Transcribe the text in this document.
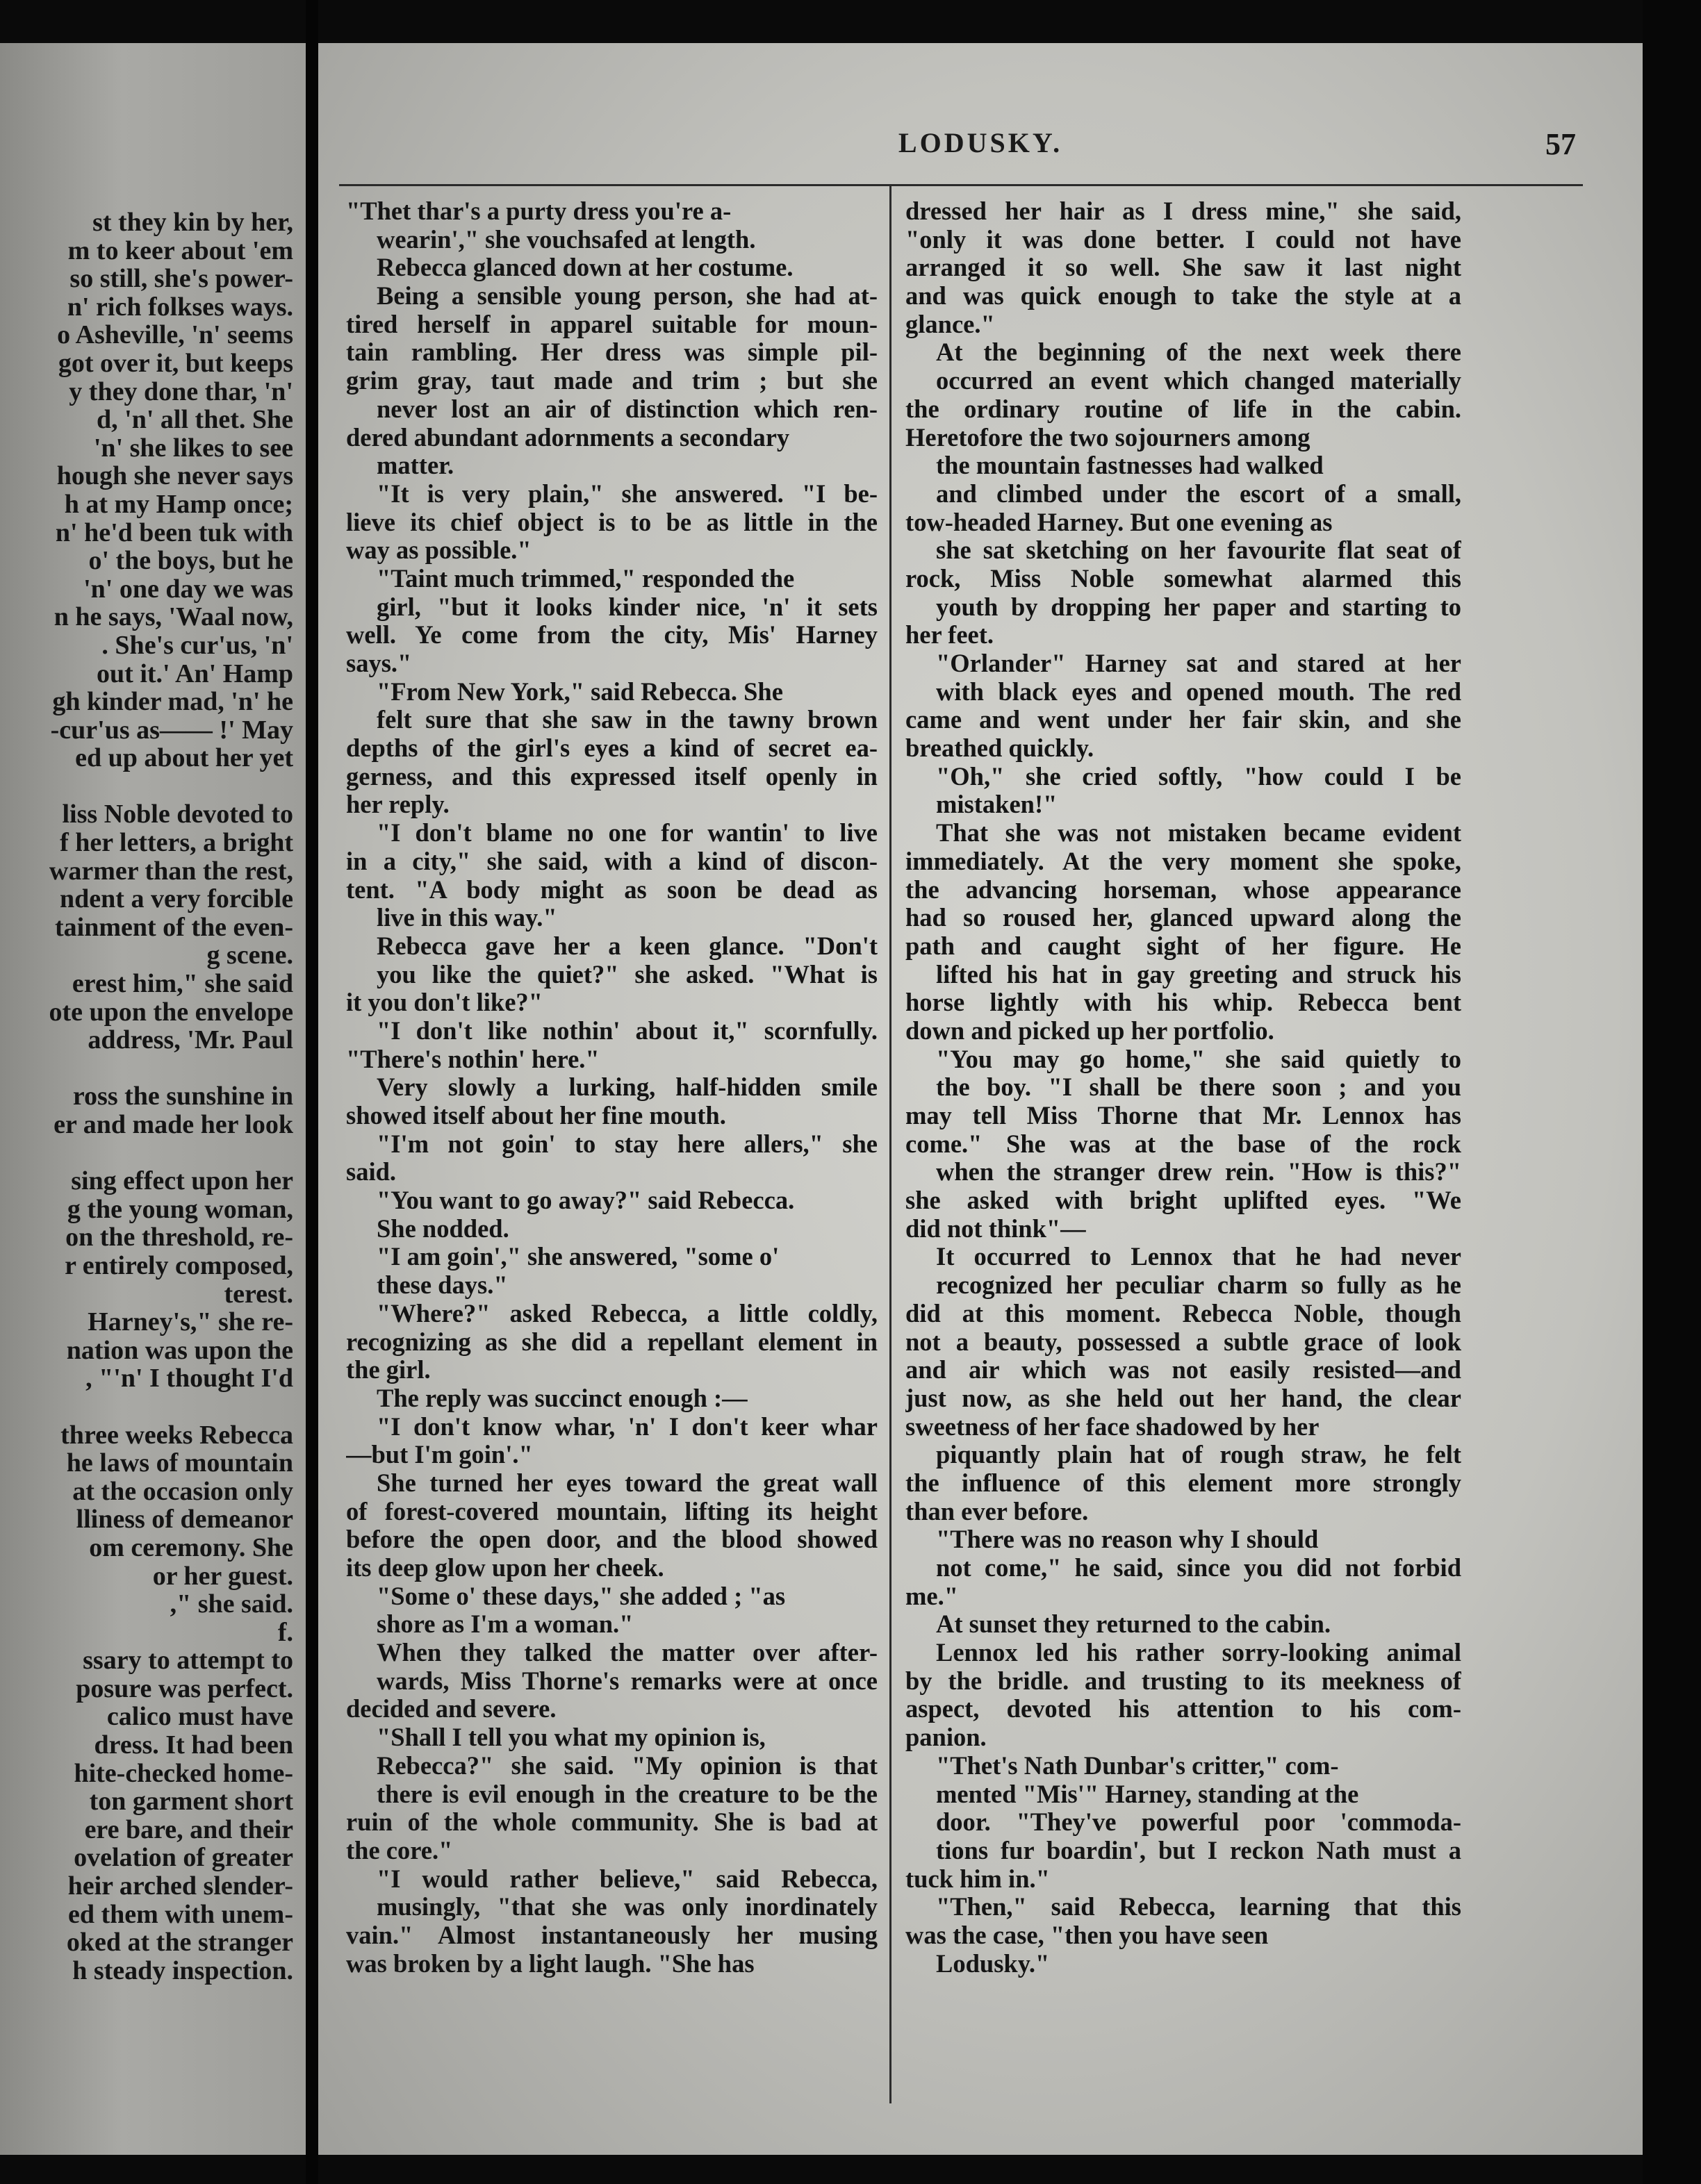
st they kin by her,
m to keer about 'em
so still, she's power-
n' rich folkses ways.
o Asheville, 'n' seems
got over it, but keeps
y they done thar, 'n'
d, 'n' all thet. She
'n' she likes to see
hough she never says
h at my Hamp once;
n' he'd been tuk with
o' the boys, but he
'n' one day we was
n he says, 'Waal now,
. She's cur'us, 'n'
out it.' An' Hamp
gh kinder mad, 'n' he
-cur'us as—— !' May
ed up about her yet

liss Noble devoted to
f her letters, a bright
warmer than the rest,
ndent a very forcible
tainment of the even-
g scene.
erest him," she said
ote upon the envelope
address, 'Mr. Paul

ross the sunshine in
er and made her look

sing effect upon her
g the young woman,
on the threshold, re-
r entirely composed,
terest.
Harney's," she re-
nation was upon the
, "'n' I thought I'd

three weeks Rebecca
he laws of mountain
at the occasion only
lliness of demeanor
om ceremony. She
or her guest.
," she said.
f.
ssary to attempt to
posure was perfect.
calico must have
dress. It had been
hite-checked home-
ton garment short
ere bare, and their
ovelation of greater
heir arched slender-
ed them with unem-
oked at the stranger
h steady inspection.
LODUSKY.	57
"Thet thar's a purty dress you're a-
wearin'," she vouchsafed at length.
Rebecca glanced down at her costume.
Being a sensible young person, she had at-
tired herself in apparel suitable for moun-
tain rambling. Her dress was simple pil-
grim gray, taut made and trim ; but she
never lost an air of distinction which ren-
dered abundant adornments a secondary
matter.
"It is very plain," she answered. "I be-
lieve its chief object is to be as little in the
way as possible."
"Taint much trimmed," responded the
girl, "but it looks kinder nice, 'n' it sets
well. Ye come from the city, Mis' Harney
says."
"From New York," said Rebecca. She
felt sure that she saw in the tawny brown
depths of the girl's eyes a kind of secret ea-
gerness, and this expressed itself openly in
her reply.
"I don't blame no one for wantin' to live
in a city," she said, with a kind of discon-
tent. "A body might as soon be dead as
live in this way."
Rebecca gave her a keen glance. "Don't
you like the quiet?" she asked. "What is
it you don't like?"
"I don't like nothin' about it," scornfully.
"There's nothin' here."
Very slowly a lurking, half-hidden smile
showed itself about her fine mouth.
"I'm not goin' to stay here allers," she
said.
"You want to go away?" said Rebecca.
She nodded.
"I am goin'," she answered, "some o'
these days."
"Where?" asked Rebecca, a little coldly,
recognizing as she did a repellant element in
the girl.
The reply was succinct enough :—
"I don't know whar, 'n' I don't keer whar
—but I'm goin'."
She turned her eyes toward the great wall
of forest-covered mountain, lifting its height
before the open door, and the blood showed
its deep glow upon her cheek.
"Some o' these days," she added ; "as
shore as I'm a woman."
When they talked the matter over after-
wards, Miss Thorne's remarks were at once
decided and severe.
"Shall I tell you what my opinion is,
Rebecca?" she said. "My opinion is that
there is evil enough in the creature to be the
ruin of the whole community. She is bad at
the core."
"I would rather believe," said Rebecca,
musingly, "that she was only inordinately
vain." Almost instantaneously her musing
was broken by a light laugh. "She has
dressed her hair as I dress mine," she said,
"only it was done better. I could not have
arranged it so well. She saw it last night
and was quick enough to take the style at a
glance."
At the beginning of the next week there
occurred an event which changed materially
the ordinary routine of life in the cabin.
Heretofore the two sojourners among
the mountain fastnesses had walked
and climbed under the escort of a small,
tow-headed Harney. But one evening as
she sat sketching on her favourite flat seat of
rock, Miss Noble somewhat alarmed this
youth by dropping her paper and starting to
her feet.
"Orlander" Harney sat and stared at her
with black eyes and opened mouth. The red
came and went under her fair skin, and she
breathed quickly.
"Oh," she cried softly, "how could I be
mistaken!"
That she was not mistaken became evident
immediately. At the very moment she spoke,
the advancing horseman, whose appearance
had so roused her, glanced upward along the
path and caught sight of her figure. He
lifted his hat in gay greeting and struck his
horse lightly with his whip. Rebecca bent
down and picked up her portfolio.
"You may go home," she said quietly to
the boy. "I shall be there soon ; and you
may tell Miss Thorne that Mr. Lennox has
come." She was at the base of the rock
when the stranger drew rein. "How is this?"
she asked with bright uplifted eyes. "We
did not think"—
It occurred to Lennox that he had never
recognized her peculiar charm so fully as he
did at this moment. Rebecca Noble, though
not a beauty, possessed a subtle grace of look
and air which was not easily resisted—and
just now, as she held out her hand, the clear
sweetness of her face shadowed by her
piquantly plain hat of rough straw, he felt
the influence of this element more strongly
than ever before.
"There was no reason why I should
not come," he said, since you did not forbid
me."
At sunset they returned to the cabin.
Lennox led his rather sorry-looking animal
by the bridle. and trusting to its meekness of
aspect, devoted his attention to his com-
panion.
"Thet's Nath Dunbar's critter," com-
mented "Mis'" Harney, standing at the
door. "They've powerful poor 'commoda-
tions fur boardin', but I reckon Nath must a
tuck him in."
"Then," said Rebecca, learning that this
was the case, "then you have seen
Lodusky."
